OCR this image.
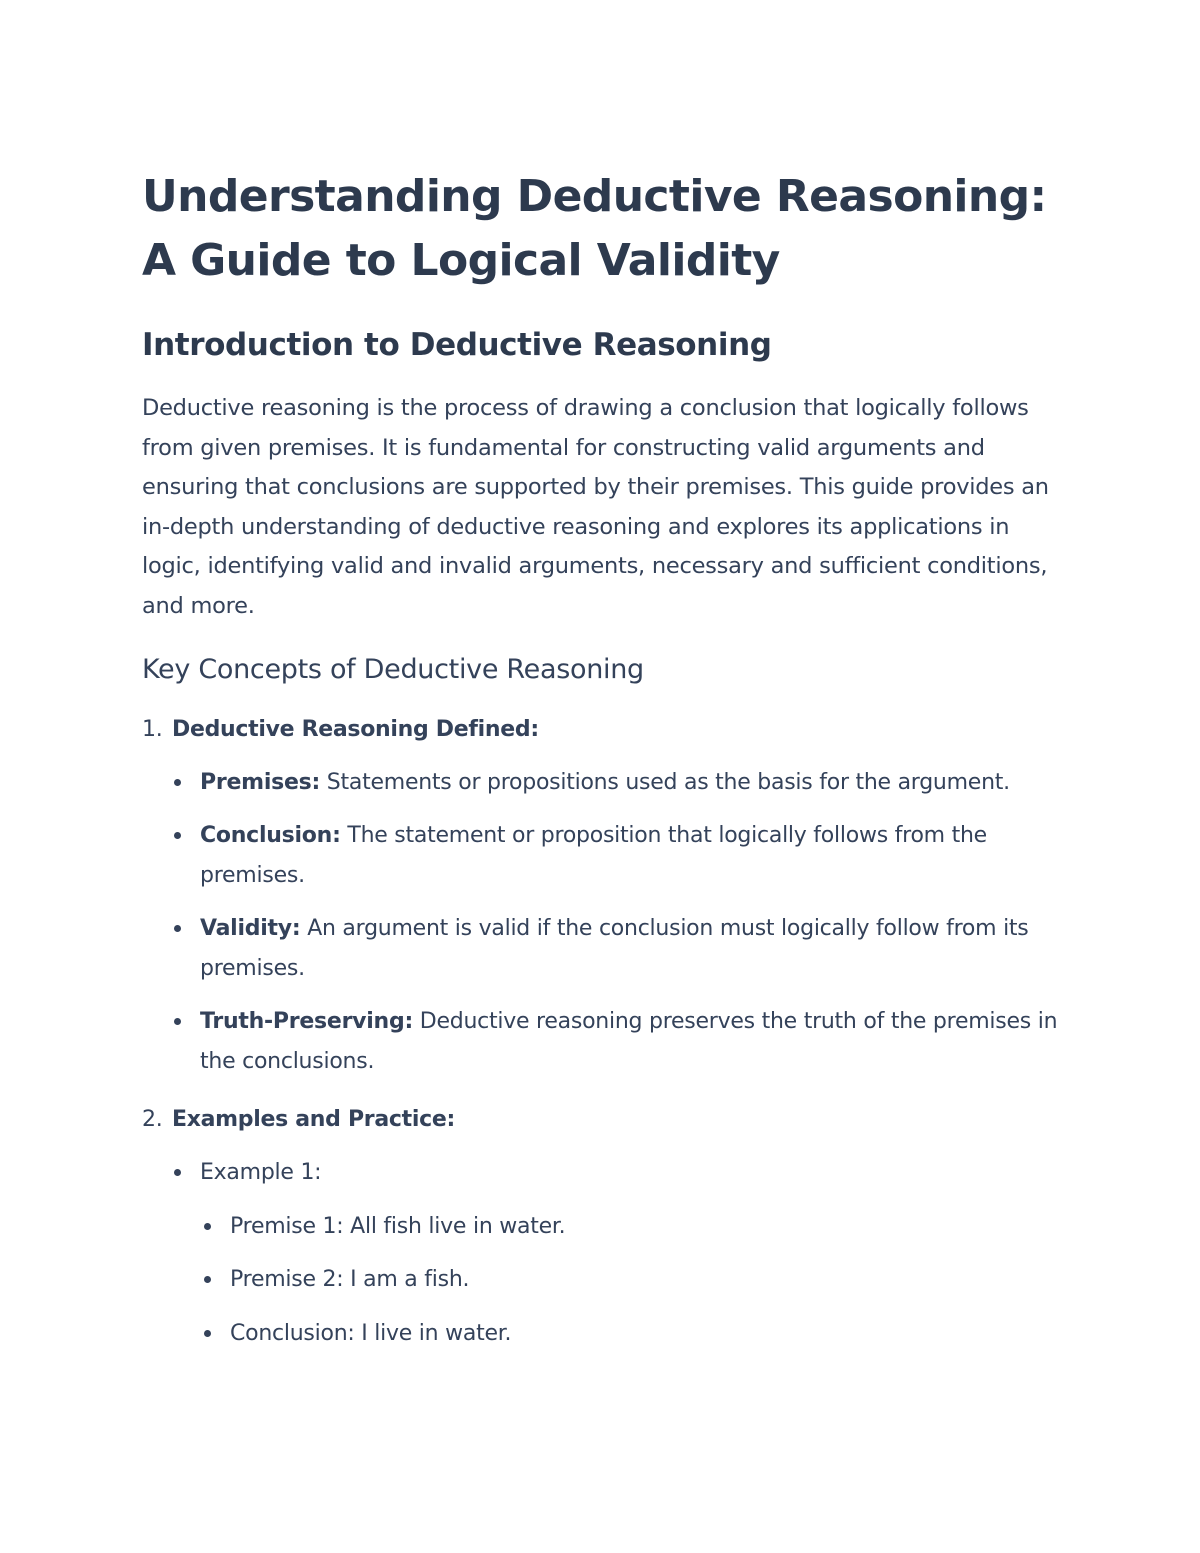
Understanding Deductive Reasoning: A Guide to Logical Validity
Introduction to Deductive Reasoning

Deductive reasoning is the process of drawing a conclusion that logically follows from given premises. It is fundamental for constructing valid arguments and ensuring that conclusions are supported by their premises. This guide provides an in-depth understanding of deductive reasoning and explores its applications in logic, identifying valid and invalid arguments, necessary and sufficient conditions, and more.

Key Concepts of Deductive Reasoning
1. Deductive Reasoning Defined:
Premises: Statements or propositions used as the basis for the argument.
Conclusion: The statement or proposition that logically follows from the premises.
Validity: An argument is valid if the conclusion must logically follow from its premises.
Truth-Preserving: Deductive reasoning preserves the truth of the premises in the conclusions.
2. Examples and Practice:
Example 1:
Premise 1: All fish live in water.
Premise 2: I am a fish.
Conclusion: I live in water.
